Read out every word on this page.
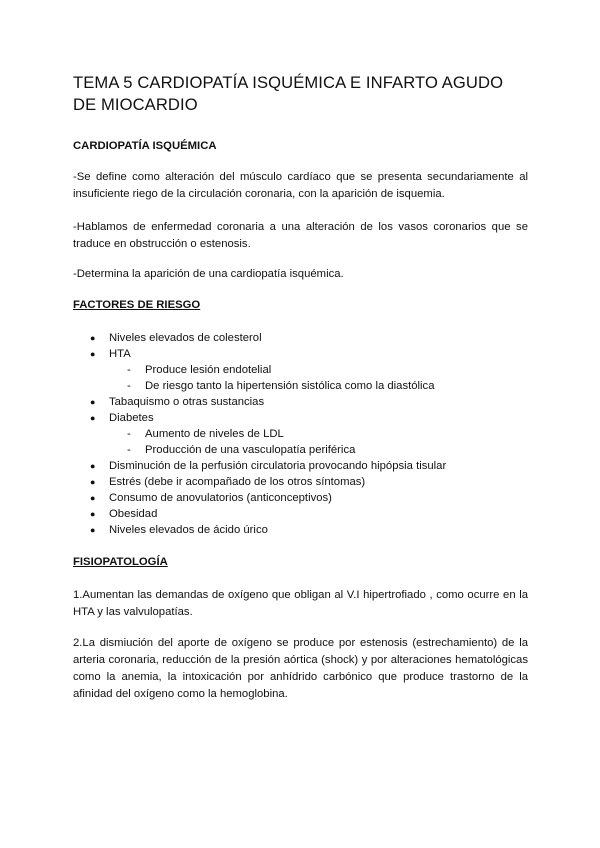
TEMA 5 CARDIOPATÍA ISQUÉMICA E INFARTO AGUDO DE MIOCARDIO
CARDIOPATÍA ISQUÉMICA

-Se define como alteración del músculo cardíaco que se presenta secundariamente al insuficiente riego de la circulación coronaria, con la aparición de isquemia.

-Hablamos de enfermedad coronaria a una alteración de los vasos coronarios que se traduce en obstrucción o estenosis.

-Determina la aparición de una cardiopatía isquémica.

FACTORES DE RIESGO
● Niveles elevados de colesterol
● HTA
- Produce lesión endotelial
- De riesgo tanto la hipertensión sistólica como la diastólica
● Tabaquismo o otras sustancias
● Diabetes
- Aumento de niveles de LDL
- Producción de una vasculopatía periférica
● Disminución de la perfusión circulatoria provocando hipópsia tisular
● Estrés (debe ir acompañado de los otros síntomas)
● Consumo de anovulatorios (anticonceptivos)
● Obesidad
● Niveles elevados de ácido úrico
FISIOPATOLOGÍA

1.Aumentan las demandas de oxígeno que obligan al V.I hipertrofiado , como ocurre en la HTA y las valvulopatías.

2.La dismiución del aporte de oxígeno se produce por estenosis (estrechamiento) de la arteria coronaria, reducción de la presión aórtica (shock) y por alteraciones hematológicas como la anemia, la intoxicación por anhídrido carbónico que produce trastorno de la afinidad del oxígeno como la hemoglobina.
